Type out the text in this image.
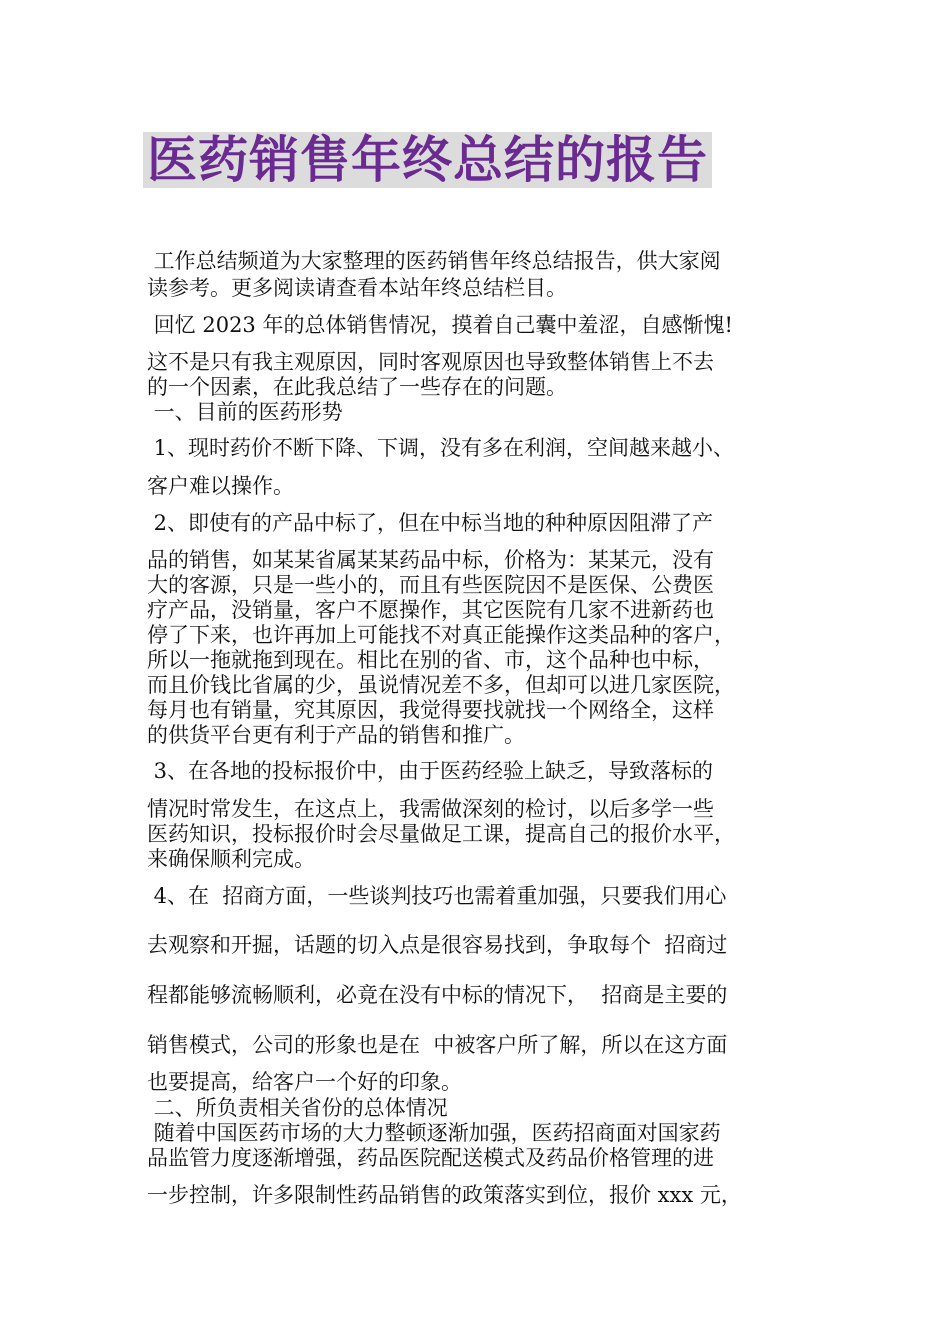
医药销售年终总结的报告
工作总结频道为大家整理的医药销售年终总结报告，供大家阅
读参考。更多阅读请查看本站年终总结栏目。
回忆 2023 年的总体销售情况，摸着自己囊中羞涩，自感惭愧!
这不是只有我主观原因，同时客观原因也导致整体销售上不去
的一个因素，在此我总结了一些存在的问题。
一、目前的医药形势
1、现时药价不断下降、下调，没有多在利润，空间越来越小、
客户难以操作。
2、即使有的产品中标了，但在中标当地的种种原因阻滞了产
品的销售，如某某省属某某药品中标，价格为：某某元，没有
大的客源，只是一些小的，而且有些医院因不是医保、公费医
疗产品，没销量，客户不愿操作，其它医院有几家不进新药也
停了下来，也许再加上可能找不对真正能操作这类品种的客户，
所以一拖就拖到现在。相比在别的省、市，这个品种也中标，
而且价钱比省属的少，虽说情况差不多，但却可以进几家医院，
每月也有销量，究其原因，我觉得要找就找一个网络全，这样
的供货平台更有利于产品的销售和推广。
3、在各地的投标报价中，由于医药经验上缺乏，导致落标的
情况时常发生，在这点上，我需做深刻的检讨，以后多学一些
医药知识，投标报价时会尽量做足工课，提高自己的报价水平，
来确保顺利完成。
4、在  招商方面，一些谈判技巧也需着重加强，只要我们用心
去观察和开掘，话题的切入点是很容易找到，争取每个  招商过
程都能够流畅顺利，必竟在没有中标的情况下，  招商是主要的
销售模式，公司的形象也是在  中被客户所了解，所以在这方面
也要提高，给客户一个好的印象。
二、所负责相关省份的总体情况
随着中国医药市场的大力整顿逐渐加强，医药招商面对国家药
品监管力度逐渐增强，药品医院配送模式及药品价格管理的进
一步控制，许多限制性药品销售的政策落实到位，报价 xxx 元，
